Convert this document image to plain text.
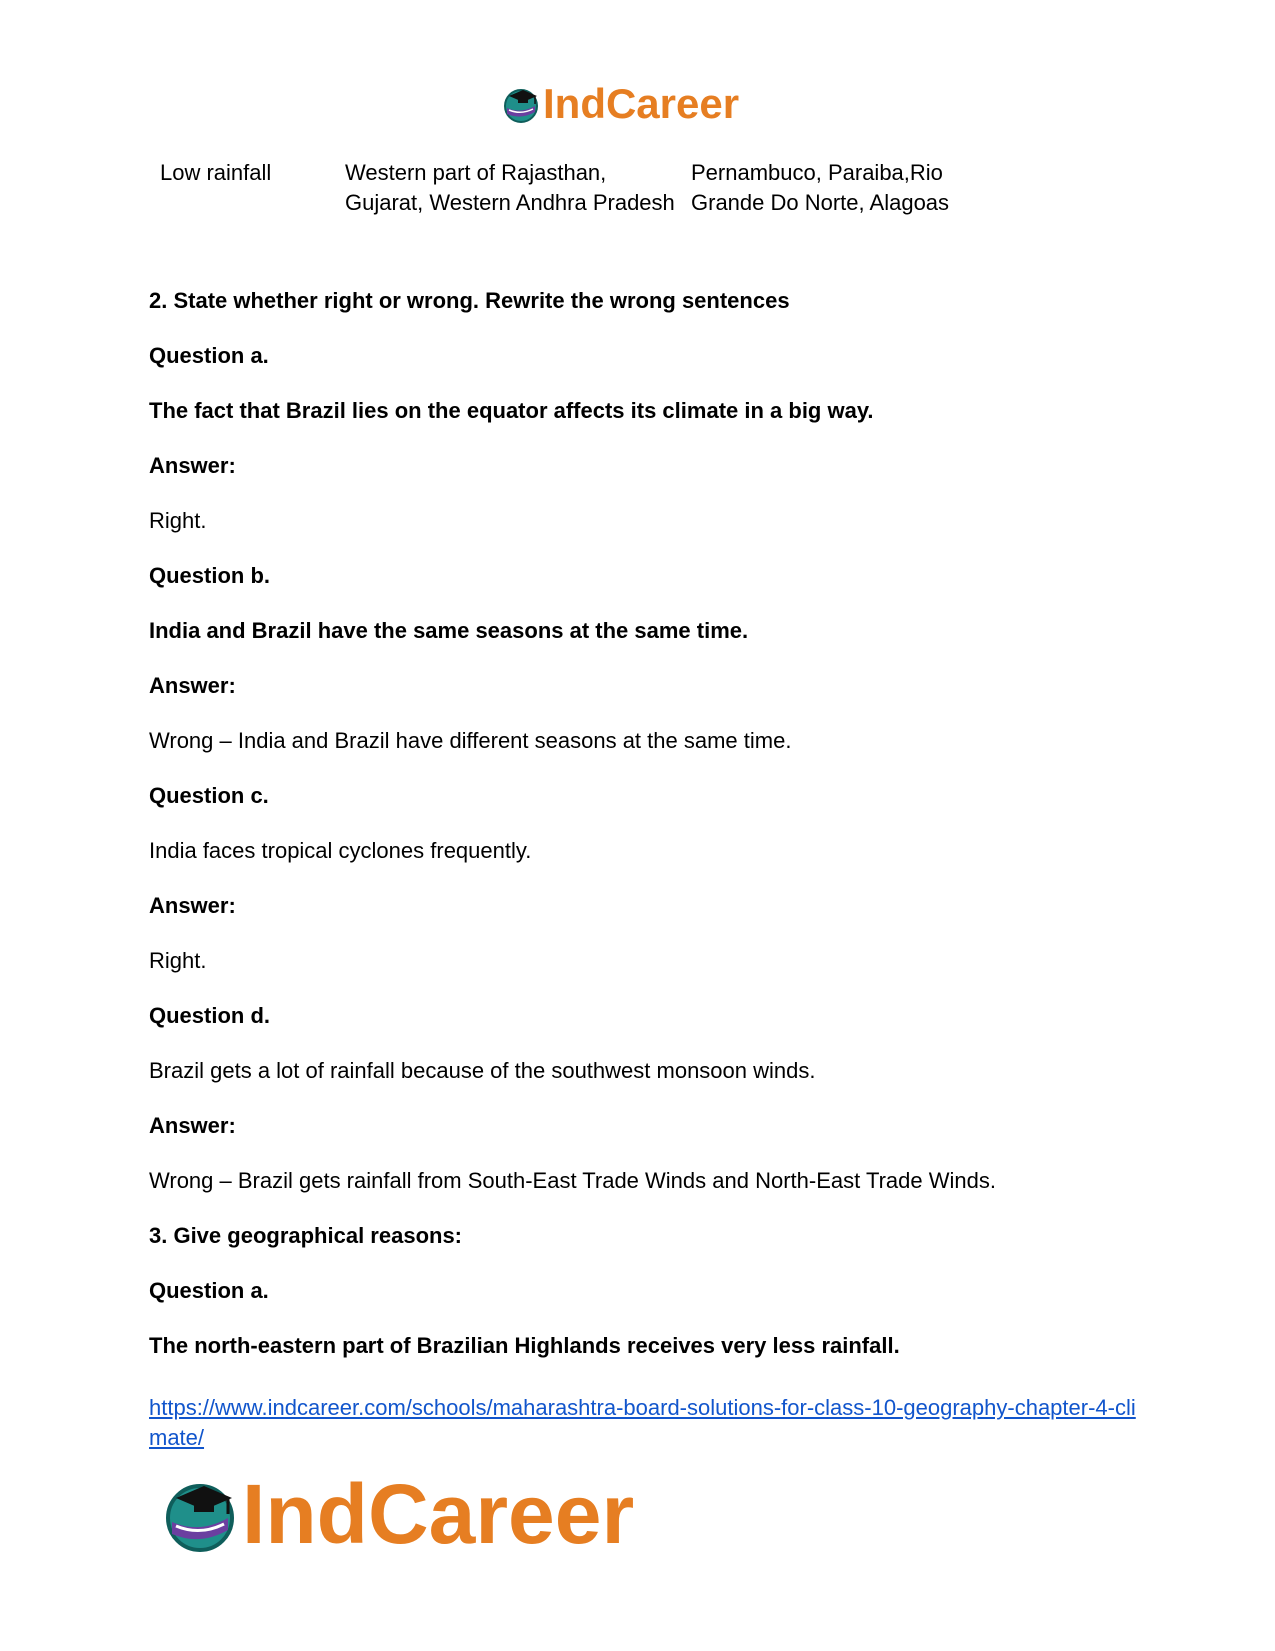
IndCareer
Low rainfall	Western part of Rajasthan, Gujarat, Western Andhra Pradesh
Pernambuco, Paraiba,Rio Grande Do Norte, Alagoas
2. State whether right or wrong. Rewrite the wrong sentences
Question a.
The fact that Brazil lies on the equator affects its climate in a big way.
Answer:
Right.
Question b.
India and Brazil have the same seasons at the same time.
Answer:
Wrong – India and Brazil have different seasons at the same time.
Question c.
India faces tropical cyclones frequently.
Answer:
Right.
Question d.
Brazil gets a lot of rainfall because of the southwest monsoon winds.
Answer:
Wrong – Brazil gets rainfall from South-East Trade Winds and North-East Trade Winds.
3. Give geographical reasons:
Question a.
The north-eastern part of Brazilian Highlands receives very less rainfall.
https://www.indcareer.com/schools/maharashtra-board-solutions-for-class-10-geography-chapter-4-climate/
IndCareer
